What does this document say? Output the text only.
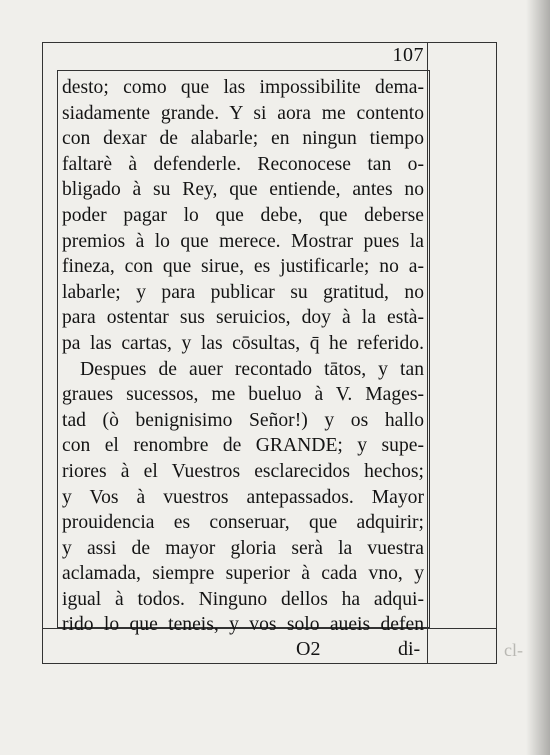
cl-
107
desto; como que las impossibilite dema-
siadamente grande. Y si aora me contento
con dexar de alabarle; en ningun tiempo
faltarè à defenderle. Reconocese tan o-
bligado à su Rey, que entiende, antes no
poder pagar lo que debe, que deberse
premios à lo que merece. Mostrar pues la
fineza, con que sirue, es justificarle; no a-
labarle; y para publicar su gratitud, no
para ostentar sus seruicios, doy à la està-
pa las cartas, y las cōsultas, q̄ he referido.
Despues de auer recontado tātos, y tan
graues sucessos, me bueluo à V. Mages-
tad (ò benignisimo Señor!) y os hallo
con el renombre de GRANDE; y supe-
riores à el Vuestros esclarecidos hechos;
y Vos à vuestros antepassados. Mayor
prouidencia es conseruar, que adquirir;
y assi de mayor gloria serà la vuestra
aclamada, siempre superior à cada vno, y
igual à todos. Ninguno dellos ha adqui-
rido lo que teneis, y vos solo aueis defen
O2	di-
